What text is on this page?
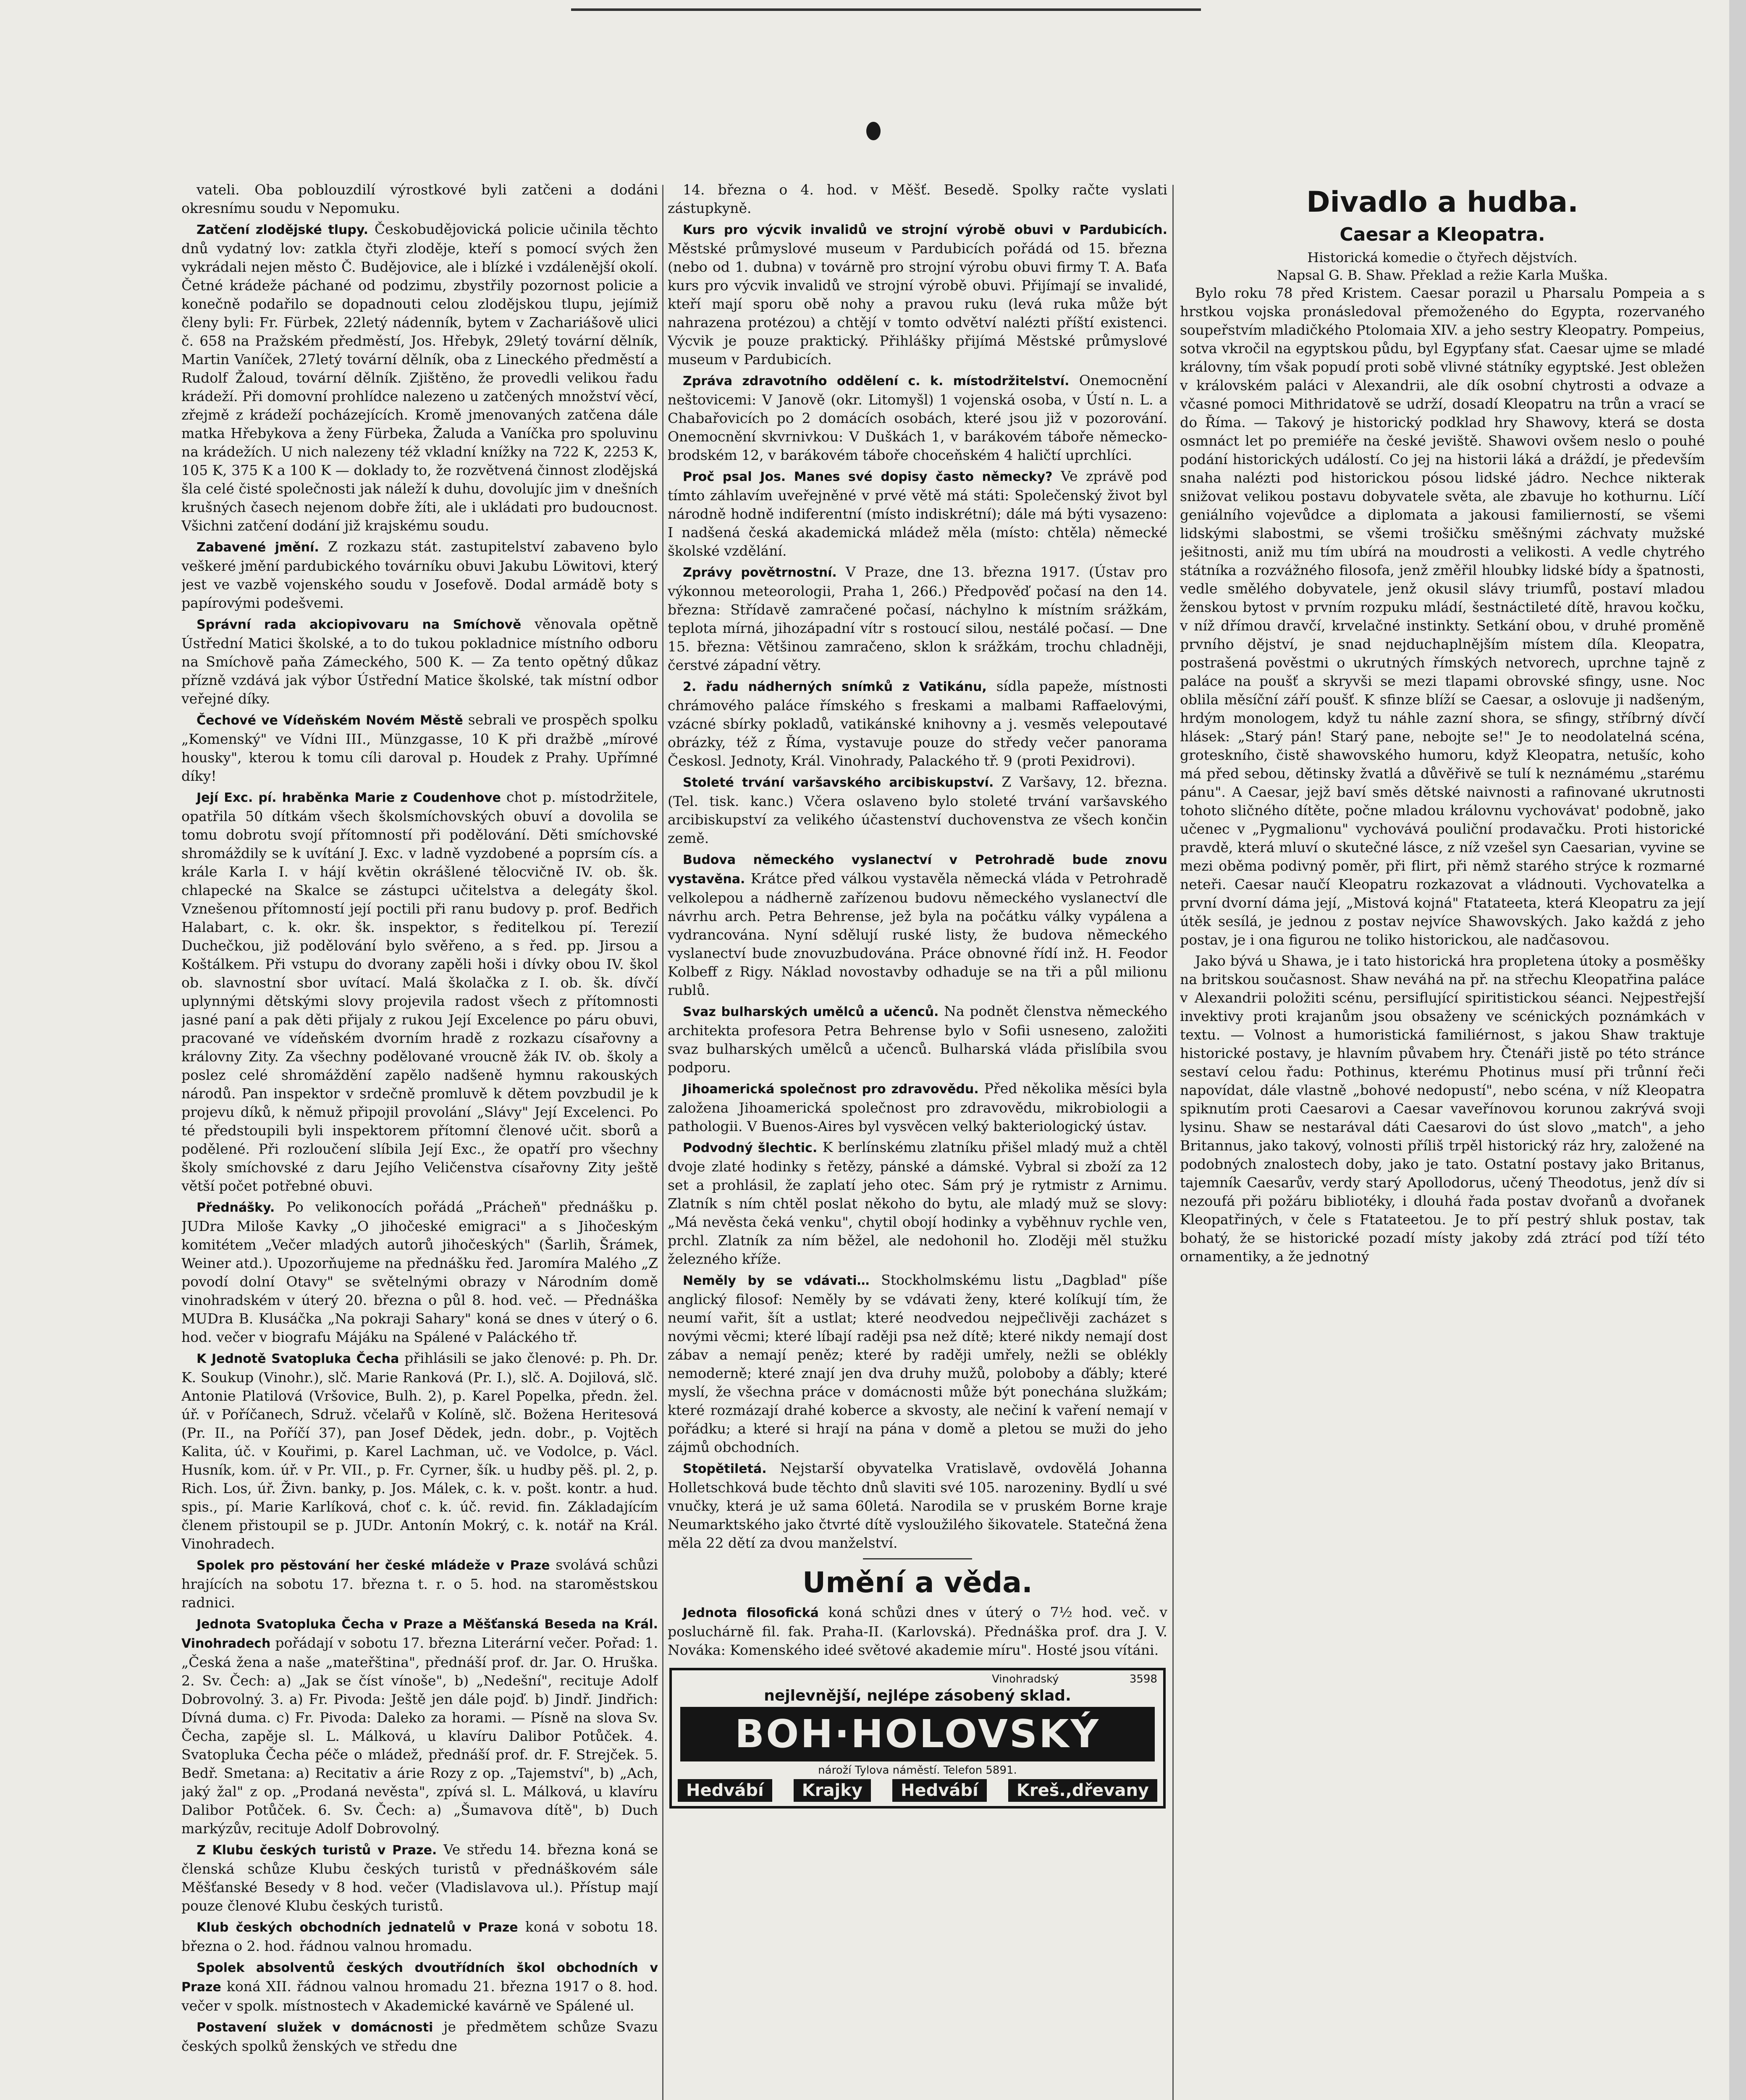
vateli. Oba poblouzdilí výrostkové byli zatčeni a dodáni okresnímu soudu v Nepomuku.

Zatčení zlodějské tlupy. Českobudějovická policie učinila těchto dnů vydatný lov: zatkla čtyři zloděje, kteří s pomocí svých žen vykrádali nejen město Č. Budějovice, ale i blízké i vzdálenější okolí. Četné krádeže páchané od podzimu, zbystřily pozornost policie a konečně podařilo se dopadnouti celou zlodějskou tlupu, jejímiž členy byli: Fr. Fürbek, 22letý nádenník, bytem v Zachariášově ulici č. 658 na Pražském předměstí, Jos. Hřebyk, 29letý tovární dělník, Martin Vaníček, 27letý tovární dělník, oba z Lineckého předměstí a Rudolf Žaloud, tovární dělník. Zjištěno, že provedli velikou řadu krádeží. Při domovní prohlídce nalezeno u zatčených množství věcí, zřejmě z krádeží pocházejících. Kromě jmenovaných zatčena dále matka Hřebykova a ženy Fürbeka, Žaluda a Vaníčka pro spoluvinu na krádežích. U nich nalezeny též vkladní knížky na 722 K, 2253 K, 105 K, 375 K a 100 K — doklady to, že rozvětvená činnost zlodějská šla celé čisté společnosti jak náleží k duhu, dovolujíc jim v dnešních krušných časech nejenom dobře žíti, ale i ukládati pro budoucnost. Všichni zatčení dodání již krajskému soudu.

Zabavené jmění. Z rozkazu stát. zastupitelství zabaveno bylo veškeré jmění pardubického továrníku obuvi Jakubu Löwitovi, který jest ve vazbě vojenského soudu v Josefově. Dodal armádě boty s papírovými podešvemi.

Správní rada akciopivovaru na Smíchově věnovala opětně Ústřední Matici školské, a to do tukou pokladnice místního odboru na Smíchově paňa Zámeckého, 500 K. — Za tento opětný důkaz přízně vzdává jak výbor Ústřední Matice školské, tak místní odbor veřejné díky.

Čechové ve Vídeňském Novém Městě sebrali ve prospěch spolku „Komenský" ve Vídni III., Münzgasse, 10 K při dražbě „mírové housky", kterou k tomu cíli daroval p. Houdek z Prahy. Upřímné díky!

Její Exc. pí. hraběnka Marie z Coudenhove chot p. místodržitele, opatřila 50 dítkám všech školsmíchovských obuví a dovolila se tomu dobrotu svojí přítomností při podělování. Děti smíchovské shromáždily se k uvítání J. Exc. v ladně vyzdobené a poprsím cís. a krále Karla I. v hájí květin okrášlené tělocvičně IV. ob. šk. chlapecké na Skalce se zástupci učitelstva a delegáty škol. Vznešenou přítomností její poctili při ranu budovy p. prof. Bedřich Halabart, c. k. okr. šk. inspektor, s ředitelkou pí. Terezií Duchečkou, již podělování bylo svěřeno, a s řed. pp. Jirsou a Koštálkem. Při vstupu do dvorany zapěli hoši i dívky obou IV. škol ob. slavnostní sbor uvítací. Malá školačka z I. ob. šk. dívčí uplynnými dětskými slovy projevila radost všech z přítomnosti jasné paní a pak děti přijaly z rukou Její Excelence po páru obuvi, pracované ve vídeňském dvorním hradě z rozkazu císařovny a královny Zity. Za všechny podělované vroucně žák IV. ob. školy a poslez celé shromáždění zapělo nadšeně hymnu rakouských národů. Pan inspektor v srdečně promluvě k dětem povzbudil je k projevu díků, k němuž připojil provolání „Slávy" Její Excelenci. Po té předstoupili byli inspektorem přítomní členové učit. sborů a podělené. Při rozloučení slíbila Její Exc., že opatří pro všechny školy smíchovské z daru Jejího Veličenstva císařovny Zity ještě větší počet potřebné obuvi.

Přednášky. Po velikonocích pořádá „Prácheň" přednášku p. JUDra Miloše Kavky „O jihočeské emigraci" a s Jihočeským komitétem „Večer mladých autorů jihočeských" (Šarlih, Šrámek, Weiner atd.). Upozorňujeme na přednášku řed. Jaromíra Malého „Z povodí dolní Otavy" se světelnými obrazy v Národním domě vinohradském v úterý 20. března o půl 8. hod. več. — Přednáška MUDra B. Klusáčka „Na pokraji Sahary" koná se dnes v úterý o 6. hod. večer v biografu Májáku na Spálené v Paláckého tř.

K Jednotě Svatopluka Čecha přihlásili se jako členové: p. Ph. Dr. K. Soukup (Vinohr.), slč. Marie Ranková (Pr. I.), slč. A. Dojilová, slč. Antonie Platilová (Vršovice, Bulh. 2), p. Karel Popelka, předn. žel. úř. v Poříčanech, Sdruž. včelařů v Kolíně, slč. Božena Heritesová (Pr. II., na Poříčí 37), pan Josef Dědek, jedn. dobr., p. Vojtěch Kalita, úč. v Kouřimi, p. Karel Lachman, uč. ve Vodolce, p. Václ. Husník, kom. úř. v Pr. VII., p. Fr. Cyrner, šík. u hudby pěš. pl. 2, p. Rich. Los, úř. Živn. banky, p. Jos. Málek, c. k. v. pošt. kontr. a hud. spis., pí. Marie Karlíková, choť c. k. úč. revid. fin. Základajícím členem přistoupil se p. JUDr. Antonín Mokrý, c. k. notář na Král. Vinohradech.

Spolek pro pěstování her české mládeže v Praze svolává schůzi hrajících na sobotu 17. března t. r. o 5. hod. na staroměstskou radnici.

Jednota Svatopluka Čecha v Praze a Měšťanská Beseda na Král. Vinohradech pořádají v sobotu 17. března Literární večer. Pořad: 1. „Česká žena a naše „mateřština", přednáší prof. dr. Jar. O. Hruška. 2. Sv. Čech: a) „Jak se číst vínoše", b) „Nedešní", recituje Adolf Dobrovolný. 3. a) Fr. Pivoda: Ještě jen dále pojď. b) Jindř. Jindřich: Dívná duma. c) Fr. Pivoda: Daleko za horami. — Písně na slova Sv. Čecha, zapěje sl. L. Málková, u klavíru Dalibor Potůček. 4. Svatopluka Čecha péče o mládež, přednáší prof. dr. F. Strejček. 5. Bedř. Smetana: a) Recitativ a árie Rozy z op. „Tajemství", b) „Ach, jaký žal" z op. „Prodaná nevěsta", zpívá sl. L. Málková, u klavíru Dalibor Potůček. 6. Sv. Čech: a) „Šumavova dítě", b) Duch markýzův, recituje Adolf Dobrovolný.

Z Klubu českých turistů v Praze. Ve středu 14. března koná se členská schůze Klubu českých turistů v přednáškovém sále Měšťanské Besedy v 8 hod. večer (Vladislavova ul.). Přístup mají pouze členové Klubu českých turistů.

Klub českých obchodních jednatelů v Praze koná v sobotu 18. března o 2. hod. řádnou valnou hromadu.

Spolek absolventů českých dvoutřídních škol obchodních v Praze koná XII. řádnou valnou hromadu 21. března 1917 o 8. hod. večer v spolk. místnostech v Akademické kavárně ve Spálené ul.

Postavení služek v domácnosti je předmětem schůze Svazu českých spolků ženských ve středu dne

14. března o 4. hod. v Měšť. Besedě. Spolky račte vyslati zástupkyně.

Kurs pro výcvik invalidů ve strojní výrobě obuvi v Pardubicích. Městské průmyslové museum v Pardubicích pořádá od 15. března (nebo od 1. dubna) v továrně pro strojní výrobu obuvi firmy T. A. Baťa kurs pro výcvik invalidů ve strojní výrobě obuvi. Přijímají se invalidé, kteří mají sporu obě nohy a pravou ruku (levá ruka může být nahrazena protézou) a chtějí v tomto odvětví nalézti příští existenci. Výcvik je pouze praktický. Přihlášky přijímá Městské průmyslové museum v Pardubicích.

Zpráva zdravotního oddělení c. k. místodržitelství. Onemocnění neštovicemi: V Janově (okr. Litomyšl) 1 vojenská osoba, v Ústí n. L. a Chabařovicích po 2 domácích osobách, které jsou již v pozorování. Onemocnění skvrnivkou: V Duškách 1, v barákovém táboře německo-brodském 12, v barákovém táboře choceňském 4 haličtí uprchlíci.

Proč psal Jos. Manes své dopisy často německy? Ve zprávě pod tímto záhlavím uveřejněné v prvé větě má státi: Společenský život byl národně hodně indiferentní (místo indiskrétní); dále má býti vysazeno: I nadšená česká akademická mládež měla (místo: chtěla) německé školské vzdělání.

Zprávy povětrnostní. V Praze, dne 13. března 1917. (Ústav pro výkonnou meteorologii, Praha 1, 266.) Předpověď počasí na den 14. března: Střídavě zamračené počasí, náchylno k místním srážkám, teplota mírná, jihozápadní vítr s rostoucí silou, nestálé počasí. — Dne 15. března: Většinou zamračeno, sklon k srážkám, trochu chladněji, čerstvé západní větry.

2. řadu nádherných snímků z Vatikánu, sídla papeže, místnosti chrámového paláce římského s freskami a malbami Raffaelovými, vzácné sbírky pokladů, vatikánské knihovny a j. vesměs velepoutavé obrázky, též z Říma, vystavuje pouze do středy večer panorama Českosl. Jednoty, Král. Vinohrady, Palackého tř. 9 (proti Pexidrovi).

Stoleté trvání varšavského arcibiskupství. Z Varšavy, 12. března. (Tel. tisk. kanc.) Včera oslaveno bylo stoleté trvání varšavského arcibiskupství za velikého účastenství duchovenstva ze všech končin země.

Budova německého vyslanectví v Petrohradě bude znovu vystavěna. Krátce před válkou vystavěla německá vláda v Petrohradě velkolepou a nádherně zařízenou budovu německého vyslanectví dle návrhu arch. Petra Behrense, jež byla na počátku války vypálena a vydrancována. Nyní sdělují ruské listy, že budova německého vyslanectví bude znovuzbudována. Práce obnovné řídí inž. H. Feodor Kolbeff z Rigy. Náklad novostavby odhaduje se na tři a půl milionu rublů.

Svaz bulharských umělců a učenců. Na podnět členstva německého architekta profesora Petra Behrense bylo v Sofii usneseno, založiti svaz bulharských umělců a učenců. Bulharská vláda přislíbila svou podporu.

Jihoamerická společnost pro zdravovědu. Před několika měsíci byla založena Jihoamerická společnost pro zdravovědu, mikrobiologii a pathologii. V Buenos-Aires byl vysvěcen velký bakteriologický ústav.

Podvodný šlechtic. K berlínskému zlatníku přišel mladý muž a chtěl dvoje zlaté hodinky s řetězy, pánské a dámské. Vybral si zboží za 12 set a prohlásil, že zaplatí jeho otec. Sám prý je rytmistr z Arnimu. Zlatník s ním chtěl poslat někoho do bytu, ale mladý muž se slovy: „Má nevěsta čeká venku", chytil obojí hodinky a vyběhnuv rychle ven, prchl. Zlatník za ním běžel, ale nedohonil ho. Zloději měl stužku železného kříže.

Neměly by se vdávati… Stockholmskému listu „Dagblad" píše anglický filosof: Neměly by se vdávati ženy, které kolíkují tím, že neumí vařit, šít a ustlat; které neodvedou nejpečlivěji zacházet s novými věcmi; které líbají raději psa než dítě; které nikdy nemají dost zábav a nemají peněz; které by raději umřely, nežli se oblékly nemoderně; které znají jen dva druhy mužů, poloboby a ďábly; které myslí, že všechna práce v domácnosti může být ponechána služkám; které rozmázají drahé koberce a skvosty, ale nečiní k vaření nemají v pořádku; a které si hrají na pána v domě a pletou se muži do jeho zájmů obchodních.

Stopětiletá. Nejstarší obyvatelka Vratislavě, ovdovělá Johanna Holletschková bude těchto dnů slaviti své 105. narozeniny. Bydlí u své vnučky, která je už sama 60letá. Narodila se v pruském Borne kraje Neumarktského jako čtvrté dítě vysloužilého šikovatele. Statečná žena měla 22 dětí za dvou manželství.

Umění a věda.

Jednota filosofická koná schůzi dnes v úterý o 7½ hod. več. v posluchárně fil. fak. Praha-II. (Karlovská). Přednáška prof. dra J. V. Nováka: Komenského ideé světové akademie míru". Hosté jsou vítáni.

Vinohradský	3598
nejlevnější, nejlépe zásobený sklad.
BOH·HOLOVSKÝ
nároží Tylova náměstí. Telefon 5891.
Hedvábí	Krajky	Hedvábí	Kreš.,dřevany
Divadlo a hudba.
Caesar a Kleopatra.

Historická komedie o čtyřech dějstvích.

Napsal G. B. Shaw. Překlad a režie Karla Muška.

Bylo roku 78 před Kristem. Caesar porazil u Pharsalu Pompeia a s hrstkou vojska pronásledoval přemoženého do Egypta, rozervaného soupeřstvím mladičkého Ptolomaia XIV. a jeho sestry Kleopatry. Pompeius, sotva vkročil na egyptskou půdu, byl Egypťany sťat. Caesar ujme se mladé královny, tím však popudí proti sobě vlivné státníky egyptské. Jest obležen v královském paláci v Alexandrii, ale dík osobní chytrosti a odvaze a včasné pomoci Mithridatově se udrží, dosadí Kleopatru na trůn a vrací se do Říma. — Takový je historický podklad hry Shawovy, která se dosta osmnáct let po premiéře na české jeviště. Shawovi ovšem neslo o pouhé podání historických událostí. Co jej na historii láká a dráždí, je především snaha nalézti pod historickou pósou lidské jádro. Nechce nikterak snižovat velikou postavu dobyvatele světa, ale zbavuje ho kothurnu. Líčí geniálního vojevůdce a diplomata a jakousi familierností, se všemi lidskými slabostmi, se všemi trošičku směšnými záchvaty mužské ješitnosti, aniž mu tím ubírá na moudrosti a velikosti. A vedle chytrého státníka a rozvážného filosofa, jenž změřil hloubky lidské bídy a špatnosti, vedle smělého dobyvatele, jenž okusil slávy triumfů, postaví mladou ženskou bytost v prvním rozpuku mládí, šestnáctileté dítě, hravou kočku, v níž dřímou dravčí, krvelačné instinkty. Setkání obou, v druhé proměně prvního dějství, je snad nejduchaplnějším místem díla. Kleopatra, postrašená pověstmi o ukrutných římských netvorech, uprchne tajně z paláce na poušť a skryvši se mezi tlapami obrovské sfingy, usne. Noc oblila měsíční září poušť. K sfinze blíží se Caesar, a oslovuje ji nadšeným, hrdým monologem, když tu náhle zazní shora, se sfingy, stříbrný dívčí hlásek: „Starý pán! Starý pane, nebojte se!" Je to neodolatelná scéna, groteskního, čistě shawovského humoru, když Kleopatra, netušíc, koho má před sebou, dětinsky žvatlá a důvěřivě se tulí k neznámému „starému pánu". A Caesar, jejž baví směs dětské naivnosti a rafinované ukrutnosti tohoto sličného dítěte, počne mladou královnu vychovávat' podobně, jako učenec v „Pygmalionu" vychovává pouliční prodavačku. Proti historické pravdě, která mluví o skutečné lásce, z níž vzešel syn Caesarian, vyvine se mezi oběma podivný poměr, při flirt, při němž starého strýce k rozmarné neteři. Caesar naučí Kleopatru rozkazovat a vládnouti. Vychovatelka a první dvorní dáma její, „Mistová kojná" Ftatateeta, která Kleopatru za její útěk sesílá, je jednou z postav nejvíce Shawovských. Jako každá z jeho postav, je i ona figurou ne toliko historickou, ale nadčasovou.

Jako bývá u Shawa, je i tato historická hra propletena útoky a posměšky na britskou současnost. Shaw neváhá na př. na střechu Kleopatřina paláce v Alexandrii položiti scénu, persiflující spiritistickou séanci. Nejpestřejší invektivy proti krajanům jsou obsaženy ve scénických poznámkách v textu. — Volnost a humoristická familiérnost, s jakou Shaw traktuje historické postavy, je hlavním půvabem hry. Čtenáři jistě po této stránce sestaví celou řadu: Pothinus, kterému Photinus musí při trůnní řeči napovídat, dále vlastně „bohové nedopustí", nebo scéna, v níž Kleopatra spiknutím proti Caesarovi a Caesar vaveřínovou korunou zakrývá svoji lysinu. Shaw se nestarával dáti Caesarovi do úst slovo „match", a jeho Britannus, jako takový, volnosti příliš trpěl historický ráz hry, založené na podobných znalostech doby, jako je tato. Ostatní postavy jako Britanus, tajemník Caesarův, verdy starý Apollodorus, učený Theodotus, jenž dív si nezoufá při požáru bibliotéky, i dlouhá řada postav dvořanů a dvořanek Kleopatřiných, v čele s Ftatateetou. Je to pří pestrý shluk postav, tak bohatý, že se historické pozadí místy jakoby zdá ztrácí pod tíží této ornamentiky, a že jednotný
